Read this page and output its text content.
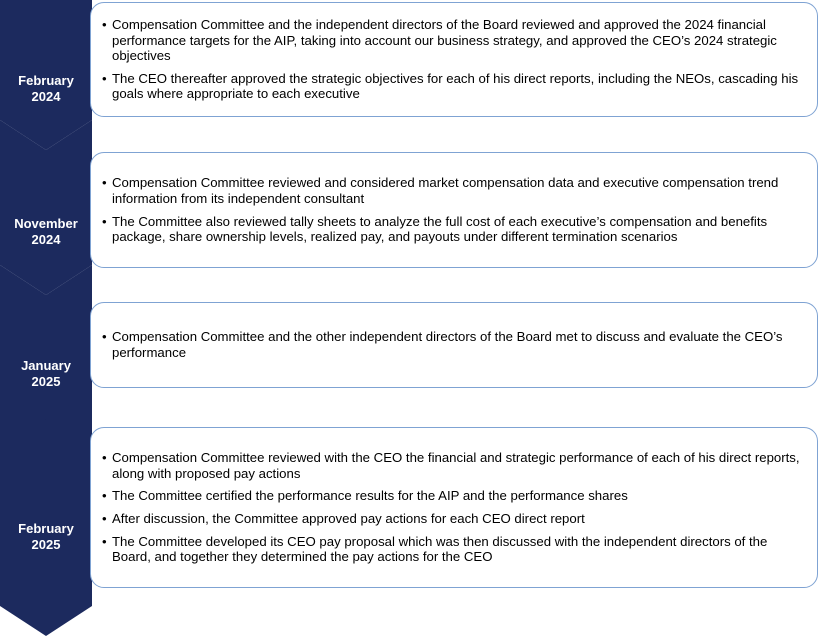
February
2024
• Compensation Committee and the independent directors of the Board reviewed and approved the 2024 financial performance targets for the AIP, taking into account our business strategy, and approved the CEO’s 2024 strategic objectives
• The CEO thereafter approved the strategic objectives for each of his direct reports, including the NEOs, cascading his goals where appropriate to each executive
November
2024
• Compensation Committee reviewed and considered market compensation data and executive compensation trend information from its independent consultant
• The Committee also reviewed tally sheets to analyze the full cost of each executive’s compensation and benefits package, share ownership levels, realized pay, and payouts under different termination scenarios
January
2025
• Compensation Committee and the other independent directors of the Board met to discuss and evaluate the CEO’s performance
February
2025
• Compensation Committee reviewed with the CEO the financial and strategic performance of each of his direct reports, along with proposed pay actions
• The Committee certified the performance results for the AIP and the performance shares
• After discussion, the Committee approved pay actions for each CEO direct report
• The Committee developed its CEO pay proposal which was then discussed with the independent directors of the Board, and together they determined the pay actions for the CEO
